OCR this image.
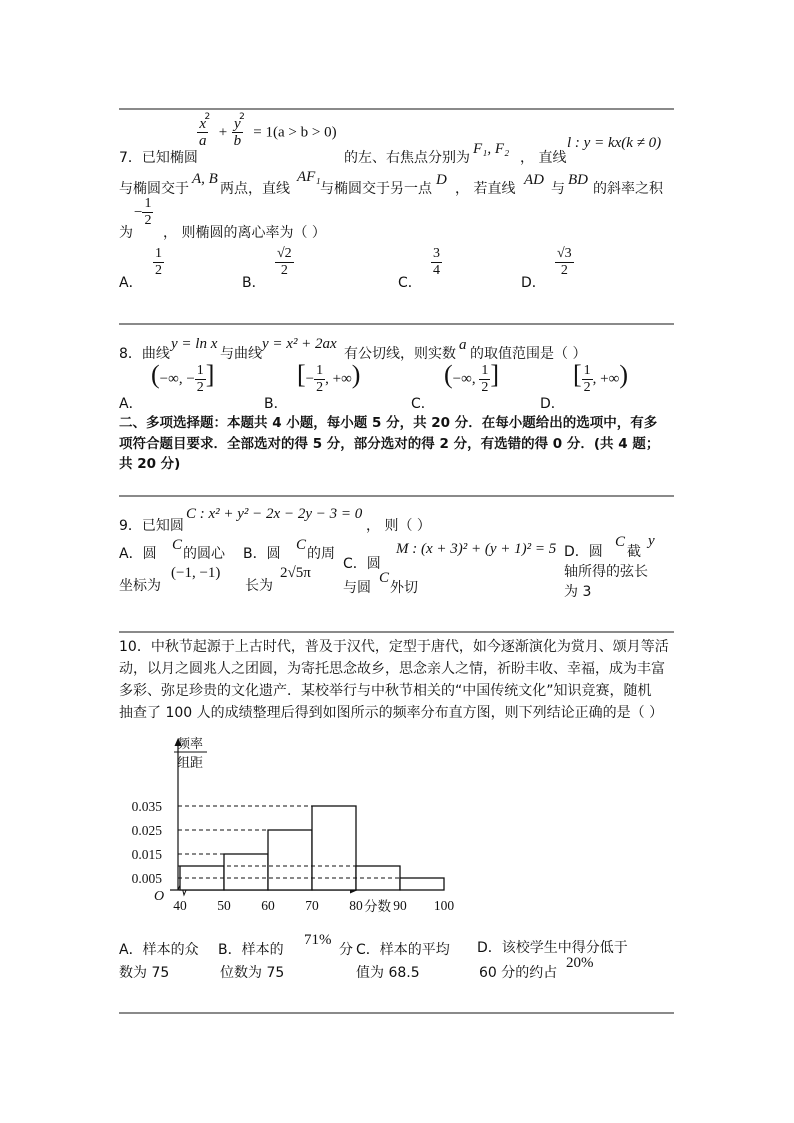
7．已知椭圆
$\frac{x}{a}$
$^2 + \frac{y}{b}$
$^2$ = 1(a > b > 0)
的左、右焦点分别为
F₁, F₂
， 直线
l : y = kx(k ≠ 0)
与椭圆交于
A, B
两点，直线
AF₁
与椭圆交于另一点
D
， 若直线
AD
与
BD
的斜率之积
为
− $\frac{1}{2}$
， 则椭圆的离心率为（ ）
A．
$\frac{1}{2}$
B．
$\frac{√2}{2}$
C．
$\frac{3}{4}$
D．
$\frac{√3}{2}$
8．曲线
y = ln x
与曲线
y = x² + 2ax
有公切线，则实数
a
的取值范围是（ ）
A．
(−∞, − $\frac{1}{2}$ ]
B．
[− $\frac{1}{2}$ , +∞)
C．
(−∞, $\frac{1}{2}$ ]
D．
[ $\frac{1}{2}$ , +∞)
二、多项选择题：本题共 4 小题，每小题 5 分，共 20 分．在每小题给出的选项中，有多
项符合题目要求．全部选对的得 5 分，部分选对的得 2 分，有选错的得 0 分．(共 4 题；
共 20 分)
9．已知圆
C : x² + y² − 2x − 2y − 3 = 0
， 则（ ）
A．圆
C
的圆心
坐标为
(−1, −1)
B．圆
C
的周
长为
2√5π
C．圆
M : (x + 3)² + (y + 1)² = 5
与圆
C
外切
D．圆
C
截
y
轴所得的弦长
为 3
10．中秋节起源于上古时代，普及于汉代，定型于唐代，如今逐渐演化为赏月、颂月等活
动，以月之圆兆人之团圆，为寄托思念故乡，思念亲人之情，祈盼丰收、幸福，成为丰富
多彩、弥足珍贵的文化遗产．某校举行与中秋节相关的“中国传统文化”知识竞赛，随机
抽查了 100 人的成绩整理后得到如图所示的频率分布直方图，则下列结论正确的是（ ）
0.005
0.015
0.025
0.035
40 50 60 70 80 90 100
O
分数
频率
组距
A．样本的众
数为 75
B．样本的
71%
分
位数为 75
C．样本的平均
值为 68.5
D．该校学生中得分低于
60 分的约占
20%
